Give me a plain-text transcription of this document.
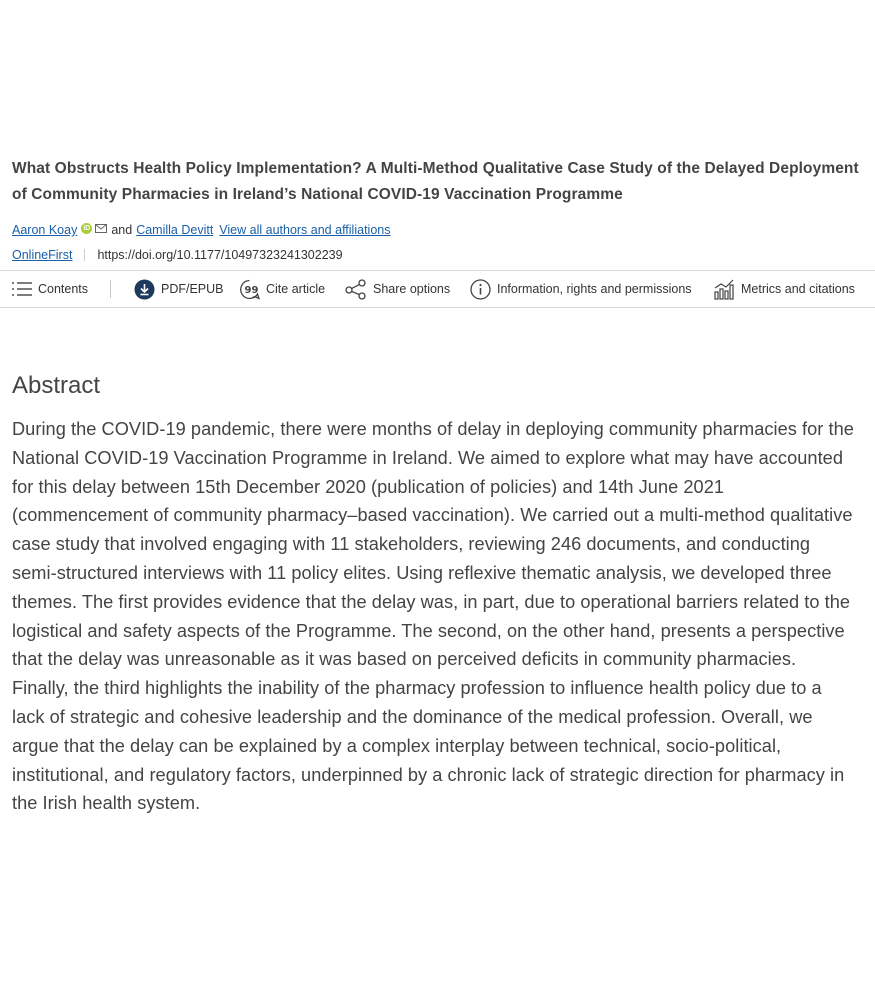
What Obstructs Health Policy Implementation? A Multi-Method Qualitative Case Study of the Delayed Deployment of Community Pharmacies in Ireland’s National COVID-19 Vaccination Programme
Aaron Koay iD and Camilla Devitt View all authors and affiliations
OnlineFirst https://doi.org/10.1177/10497323241302239
Contents	PDF/EPUB 99 Cite article	Share options	Information, rights and permissions	Metrics and citations
Abstract

During the COVID-19 pandemic, there were months of delay in deploying community pharmacies for the National COVID-19 Vaccination Programme in Ireland. We aimed to explore what may have accounted for this delay between 15th December 2020 (publication of policies) and 14th June 2021 (commencement of community pharmacy–based vaccination). We carried out a multi-method qualitative case study that involved engaging with 11 stakeholders, reviewing 246 documents, and conducting semi-structured interviews with 11 policy elites. Using reflexive thematic analysis, we developed three themes. The first provides evidence that the delay was, in part, due to operational barriers related to the logistical and safety aspects of the Programme. The second, on the other hand, presents a perspective that the delay was unreasonable as it was based on perceived deficits in community pharmacies. Finally, the third highlights the inability of the pharmacy profession to influence health policy due to a lack of strategic and cohesive leadership and the dominance of the medical profession. Overall, we argue that the delay can be explained by a complex interplay between technical, socio-political, institutional, and regulatory factors, underpinned by a chronic lack of strategic direction for pharmacy in the Irish health system.
